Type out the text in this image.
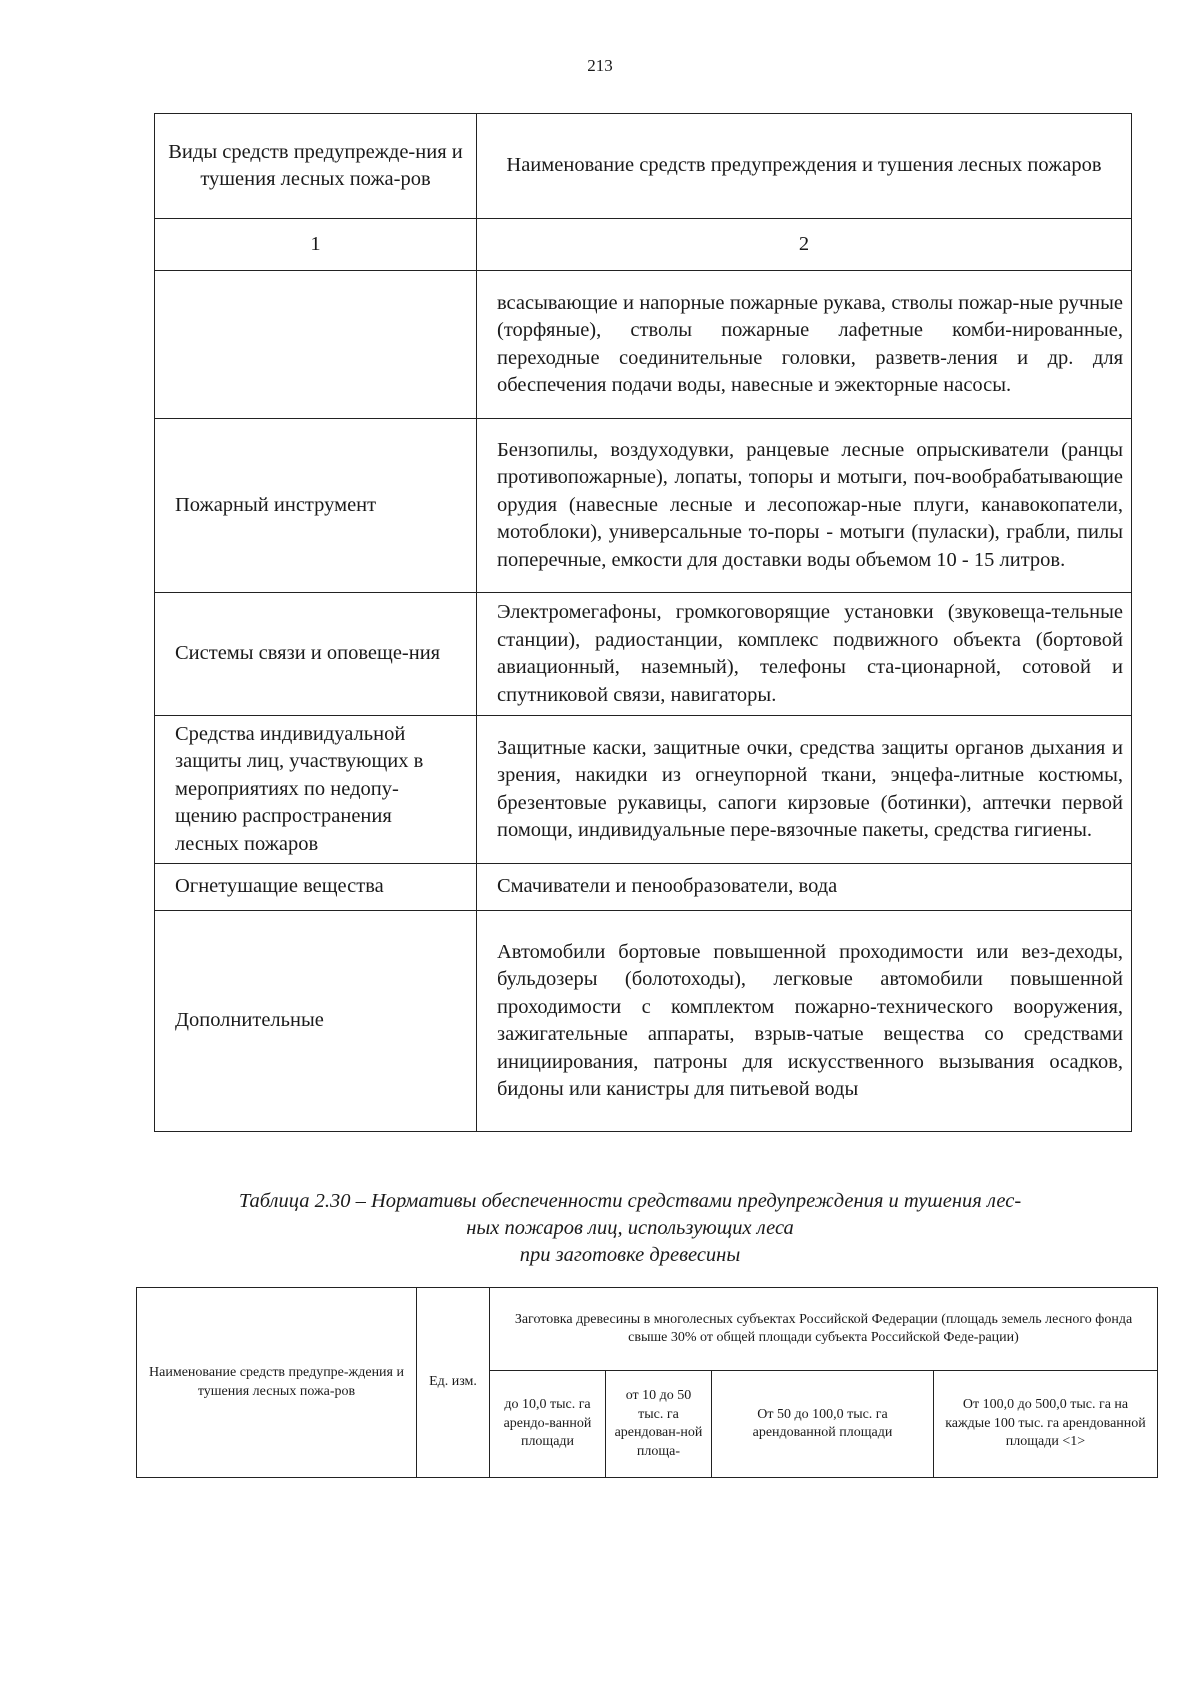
213
Виды средств предупрежде-ния и тушения лесных пожа-ров	Наименование средств предупреждения и тушения лесных пожаров
1	2
	всасывающие и напорные пожарные рукава, стволы пожар-ные ручные (торфяные), стволы пожарные лафетные комби-нированные, переходные соединительные головки, разветв-ления и др. для обеспечения подачи воды, навесные и эжекторные насосы.
Пожарный инструмент	Бензопилы, воздуходувки, ранцевые лесные опрыскиватели (ранцы противопожарные), лопаты, топоры и мотыги, поч-вообрабатывающие орудия (навесные лесные и лесопожар-ные плуги, канавокопатели, мотоблоки), универсальные то-поры - мотыги (пуласки), грабли, пилы поперечные, емкости для доставки воды объемом 10 - 15 литров.
Системы связи и оповеще-ния	Электромегафоны, громкоговорящие установки (звуковеща-тельные станции), радиостанции, комплекс подвижного объекта (бортовой авиационный, наземный), телефоны ста-ционарной, сотовой и спутниковой связи, навигаторы.
Средства индивидуальной защиты лиц, участвующих в мероприятиях по недопу-щению распространения лесных пожаров	Защитные каски, защитные очки, средства защиты органов дыхания и зрения, накидки из огнеупорной ткани, энцефа-литные костюмы, брезентовые рукавицы, сапоги кирзовые (ботинки), аптечки первой помощи, индивидуальные пере-вязочные пакеты, средства гигиены.
Огнетушащие вещества	Смачиватели и пенообразователи, вода
Дополнительные	Автомобили бортовые повышенной проходимости или вез-деходы, бульдозеры (болотоходы), легковые автомобили повышенной проходимости с комплектом пожарно-технического вооружения, зажигательные аппараты, взрыв-чатые вещества со средствами инициирования, патроны для искусственного вызывания осадков, бидоны или канистры для питьевой воды
Таблица 2.30 – Нормативы обеспеченности средствами предупреждения и тушения лес-
ных пожаров лиц, использующих леса
при заготовке древесины
Наименование средств предупре-ждения и тушения лесных пожа-ров	Ед. изм.	Заготовка древесины в многолесных субъектах Российской Федерации (площадь земель лесного фонда свыше 30% от общей площади субъекта Российской Феде-рации)			
		до 10,0 тыс. га арендо-ванной площади	от 10 до 50 тыс. га арендован-ной площа-	От 50 до 100,0 тыс. га арендованной площади	От 100,0 до 500,0 тыс. га на каждые 100 тыс. га арендованной площади <1>
